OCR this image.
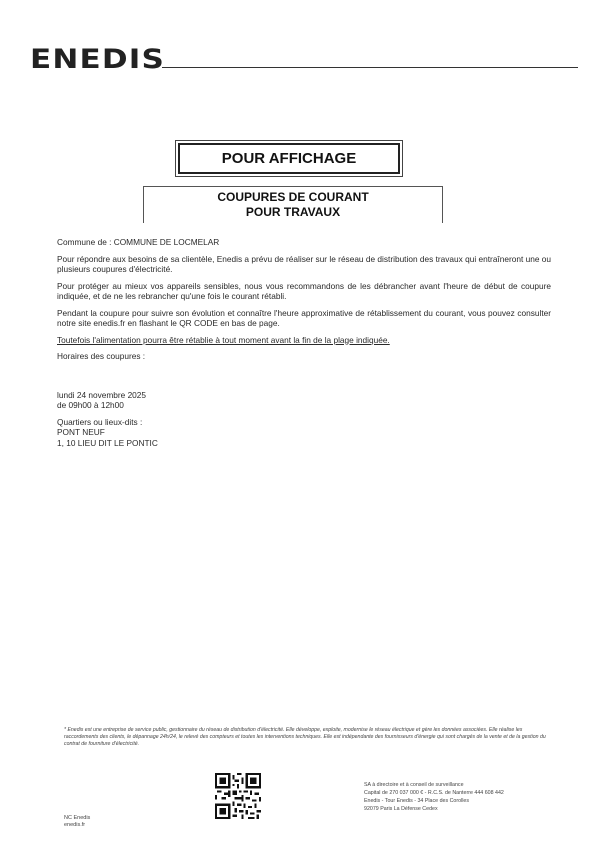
ENEDIS
POUR AFFICHAGE
COUPURES DE COURANT
POUR TRAVAUX

Commune de : COMMUNE DE LOCMELAR

Pour répondre aux besoins de sa clientèle, Enedis a prévu de réaliser sur le réseau de distribution des travaux qui entraîneront une ou plusieurs coupures d'électricité.

Pour protéger au mieux vos appareils sensibles, nous vous recommandons de les débrancher avant l'heure de début de coupure indiquée, et de ne les rebrancher qu'une fois le courant rétabli.

Pendant la coupure pour suivre son évolution et connaître l'heure approximative de rétablissement du courant, vous pouvez consulter notre site enedis.fr en flashant le QR CODE en bas de page.

Toutefois l'alimentation pourra être rétablie à tout moment avant la fin de la plage indiquée.

Horaires des coupures :

lundi 24 novembre 2025

de 09h00 à 12h00

Quartiers ou lieux-dits :
PONT NEUF
1, 10 LIEU DIT LE PONTIC
* Enedis est une entreprise de service public, gestionnaire du réseau de distribution d'électricité. Elle développe, exploite, modernise le réseau électrique et gère les données associées. Elle réalise les raccordements des clients, le dépannage 24h/24, le relevé des compteurs et toutes les interventions techniques. Elle est indépendante des fournisseurs d'énergie qui sont chargés de la vente et de la gestion du contrat de fourniture d'électricité.
NC Enedis
enedis.fr
SA à directoire et à conseil de surveillance
Capital de 270 037 000 € - R.C.S. de Nanterre 444 608 442
Enedis - Tour Enedis - 34 Place des Corolles
92079 Paris La Défense Cedex
